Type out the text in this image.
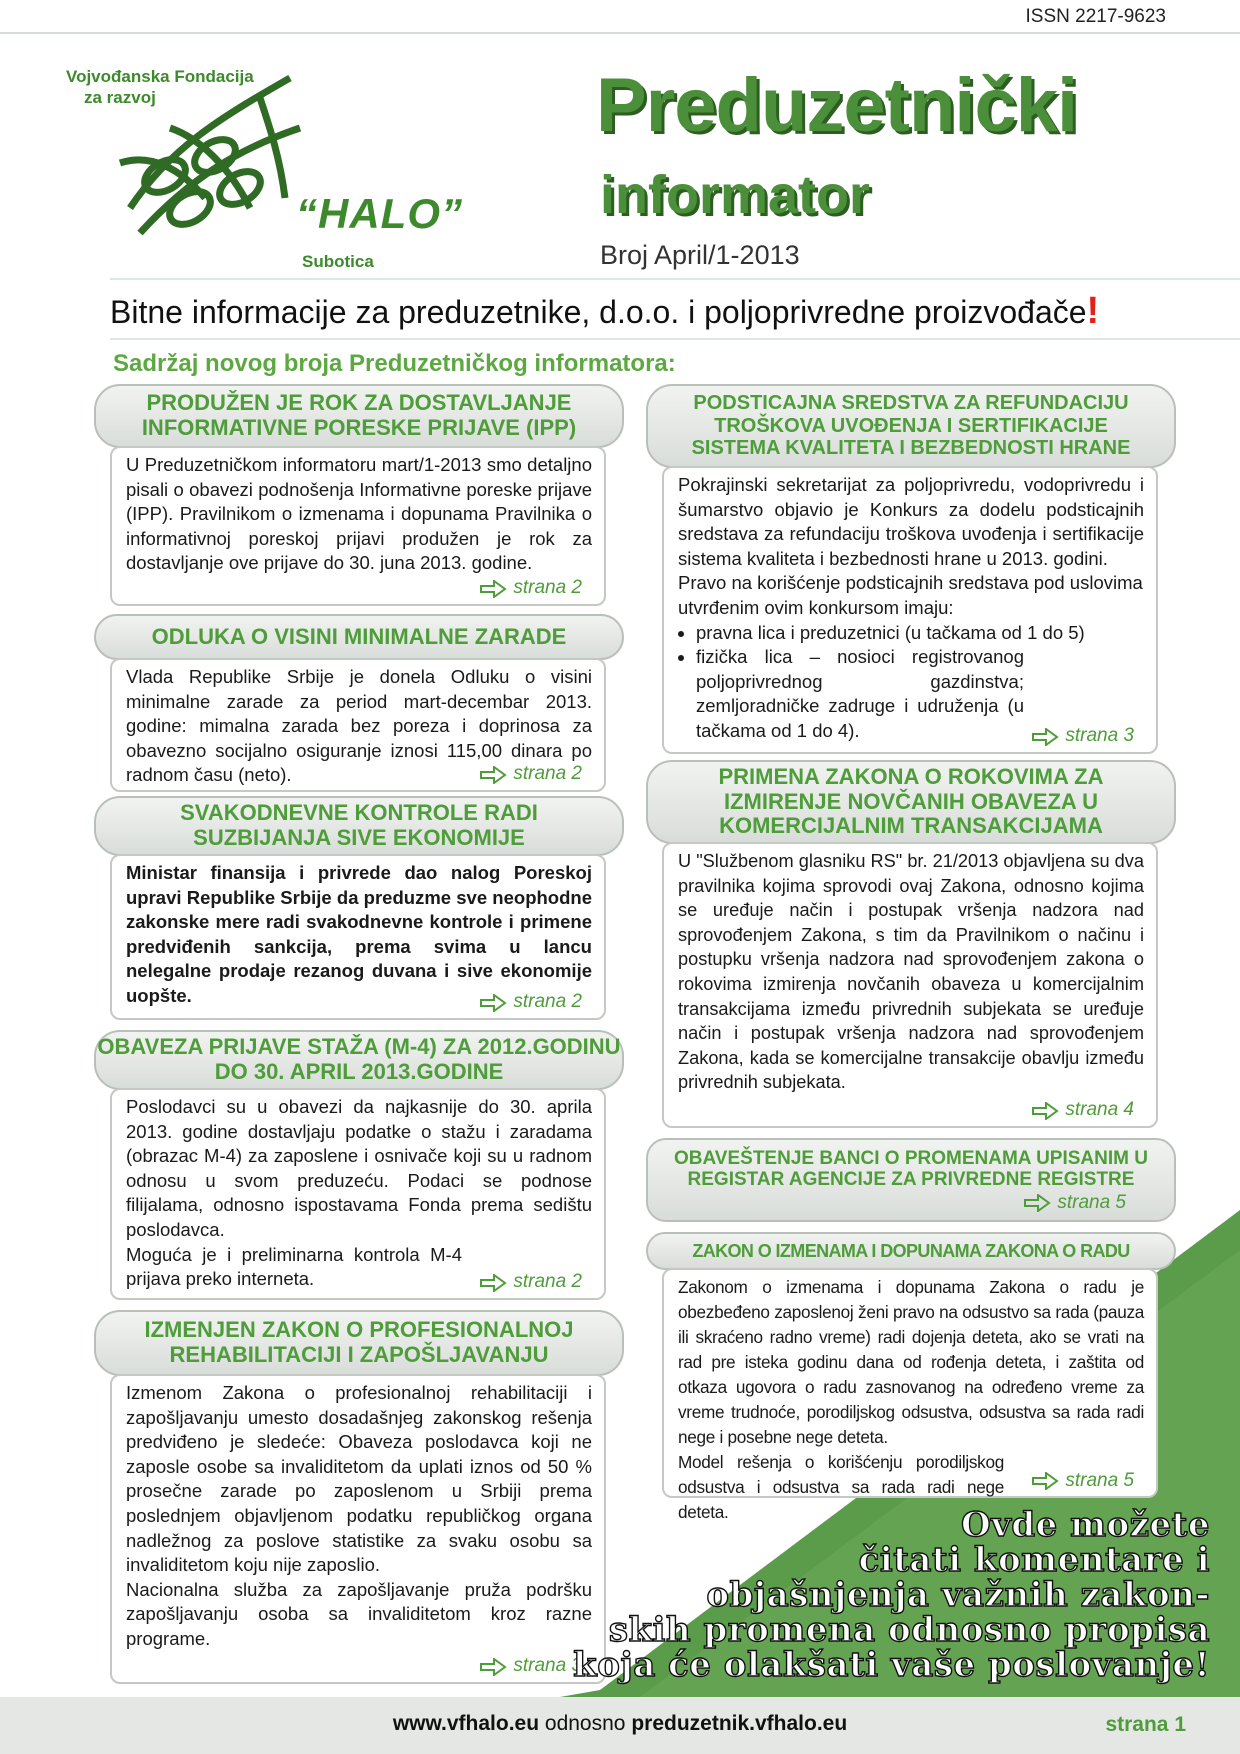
ISSN 2217-9623
Vojvođanska Fondacija
za razvoj
“HALO”
Subotica
Preduzetnički
informator
Broj April/1-2013
Bitne informacije za preduzetnike, d.o.o. i poljoprivredne proizvođače!
Sadržaj novog broja Preduzetničkog informatora:
PRODUŽEN JE ROK ZA DOSTAVLJANJE INFORMATIVNE PORESKE PRIJAVE (IPP)
U Preduzetničkom informatoru mart/1-2013 smo detaljno pisali o obavezi podnošenja Informativne poreske prijave (IPP). Pravilnikom o izmenama i dopunama Pravilnika o informativnoj poreskoj prijavi produžen je rok za dostavljanje ove prijave do 30. juna 2013. godine.
strana 2
ODLUKA O VISINI MINIMALNE ZARADE
Vlada Republike Srbije je donela Odluku o visini minimalne zarade za period mart-decembar 2013. godine: mimalna zarada bez poreza i doprinosa za obavezno socijalno osiguranje iznosi 115,00 dinara po radnom času (neto).	strana 2
SVAKODNEVNE KONTROLE RADI SUZBIJANJA SIVE EKONOMIJE
Ministar finansija i privrede dao nalog Poreskoj upravi Republike Srbije da preduzme sve neophodne zakonske mere radi svakodnevne kontrole i primene predviđenih sankcija, prema svima u lancu nelegalne prodaje rezanog duvana i sive ekonomije uopšte.	strana 2
OBAVEZA PRIJAVE STAŽA (M-4) ZA 2012.GODINU DO 30. APRIL 2013.GODINE
Poslodavci su u obavezi da najkasnije do 30. aprila 2013. godine dostavljaju podatke o stažu i zaradama (obrazac M-4) za zaposlene i osnivače koji su u radnom odnosu u svom preduzeću. Podaci se podnose filijalama, odnosno ispostavama Fonda prema sedištu poslodavca.
Moguća je i preliminarna kontrola M-4 prijava preko interneta.	strana 2
IZMENJEN ZAKON O PROFESIONALNOJ REHABILITACIJI I ZAPOŠLJAVANJU
Izmenom Zakona o profesionalnoj rehabilitaciji i zapošljavanju umesto dosadašnjeg zakonskog rešenja predviđeno je sledeće: Obaveza poslodavca koji ne zaposle osobe sa invaliditetom da uplati iznos od 50 % prosečne zarade po zaposlenom u Srbiji prema poslednjem objavljenom podatku republičkog organa nadležnog za poslove statistike za svaku osobu sa invaliditetom koju nije zaposlio.
Nacionalna služba za zapošljavanje pruža podršku zapošljavanju osoba sa invaliditetom kroz razne programe.
strana 3
PODSTICAJNA SREDSTVA ZA REFUNDACIJU TROŠKOVA UVOĐENJA I SERTIFIKACIJE SISTEMA KVALITETA I BEZBEDNOSTI HRANE
Pokrajinski sekretarijat za poljoprivredu, vodoprivredu i šumarstvo objavio je Konkurs za dodelu podsticajnih sredstava za refundaciju troškova uvođenja i sertifikacije sistema kvaliteta i bezbednosti hrane u 2013. godini.
Pravo na korišćenje podsticajnih sredstava pod uslovima utvrđenim ovim konkursom imaju:
• pravna lica i preduzetnici (u tačkama od 1 do 5)
• fizička lica – nosioci registrovanog poljoprivrednog gazdinstva; zemljoradničke zadruge i udruženja (u tačkama od 1 do 4).	strana 3
PRIMENA ZAKONA O ROKOVIMA ZA IZMIRENJE NOVČANIH OBAVEZA U KOMERCIJALNIM TRANSAKCIJAMA
U "Službenom glasniku RS" br. 21/2013 objavljena su dva pravilnika kojima sprovodi ovaj Zakona, odnosno kojima se uređuje način i postupak vršenja nadzora nad sprovođenjem Zakona, s tim da Pravilnikom o načinu i postupku vršenja nadzora nad sprovođenjem zakona o rokovima izmirenja novčanih obaveza u komercijalnim transakcijama između privrednih subjekata se uređuje način i postupak vršenja nadzora nad sprovođenjem Zakona, kada se komercijalne transakcije obavlju između privrednih subjekata.
strana 4
OBAVEŠTENJE BANCI O PROMENAMA UPISANIM U REGISTAR AGENCIJE ZA PRIVREDNE REGISTRE
strana 5
ZAKON O IZMENAMA I DOPUNAMA ZAKONA O RADU
Zakonom o izmenama i dopunama Zakona o radu je obezbeđeno zaposlenoj ženi pravo na odsustvo sa rada (pauza ili skraćeno radno vreme) radi dojenja deteta, ako se vrati na rad pre isteka godinu dana od rođenja deteta, i zaštita od otkaza ugovora o radu zasnovanog na određeno vreme za vreme trudnoće, porodiljskog odsustva, odsustva sa rada radi nege i posebne nege deteta.
Model rešenja o korišćenju porodiljskog odsustva i odsustva sa rada radi nege deteta.
strana 5
Ovde možete
čitati komentare i
objašnjenja važnih zakon-
skih promena odnosno propisa
koja će olakšati vaše poslovanje!
www.vfhalo.eu odnosno preduzetnik.vfhalo.eu	strana 1
